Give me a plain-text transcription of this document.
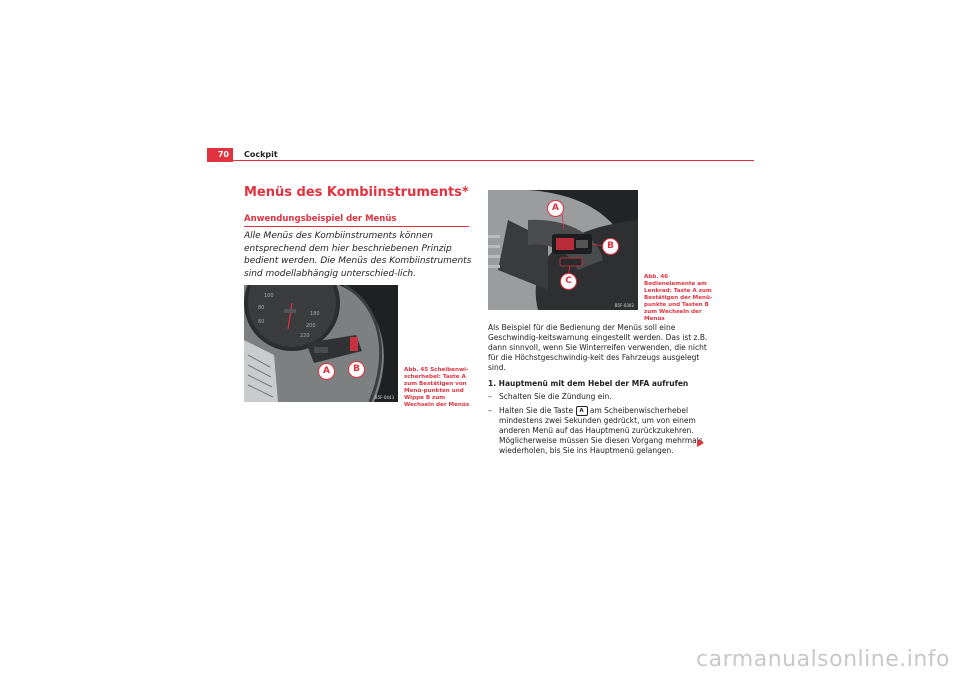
70	Cockpit
Menüs des Kombiinstruments*
Anwendungsbeispiel der Menüs
Alle Menüs des Kombiinstruments können entsprechend dem hier beschriebenen Prinzip bedient werden. Die Menüs des Kombiinstruments sind modellabhängig unterschied-lich.
100
80
60
180
200
220
A	B
B5F-0443
Abb. 45 Scheibenwi-scherhebel: Taste A zum Bestätigen von Menü-punkten und Wippe B zum Wechseln der Menüs
A
B
C
B5F-0302
Abb. 46 Bedienelemente am Lenkrad: Taste A zum Bestätigen der Menü-punkte und Tasten B zum Wechseln der Menüs

Als Beispiel für die Bedienung der Menüs soll eine Geschwindig-keitswarnung eingestellt werden. Das ist z.B. dann sinnvoll, wenn Sie Winterreifen verwenden, die nicht für die Höchstgeschwindig-keit des Fahrzeugs ausgelegt sind.

1. Hauptmenü mit dem Hebel der MFA aufrufen
– Schalten Sie die Zündung ein.
– Halten Sie die Taste A am Scheibenwischerhebel mindestens zwei Sekunden gedrückt, um von einem anderen Menü auf das Hauptmenü zurückzukehren. Möglicherweise müssen Sie diesen Vorgang mehrmals wiederholen, bis Sie ins Hauptmenü gelangen.
carmanualsonline.info
